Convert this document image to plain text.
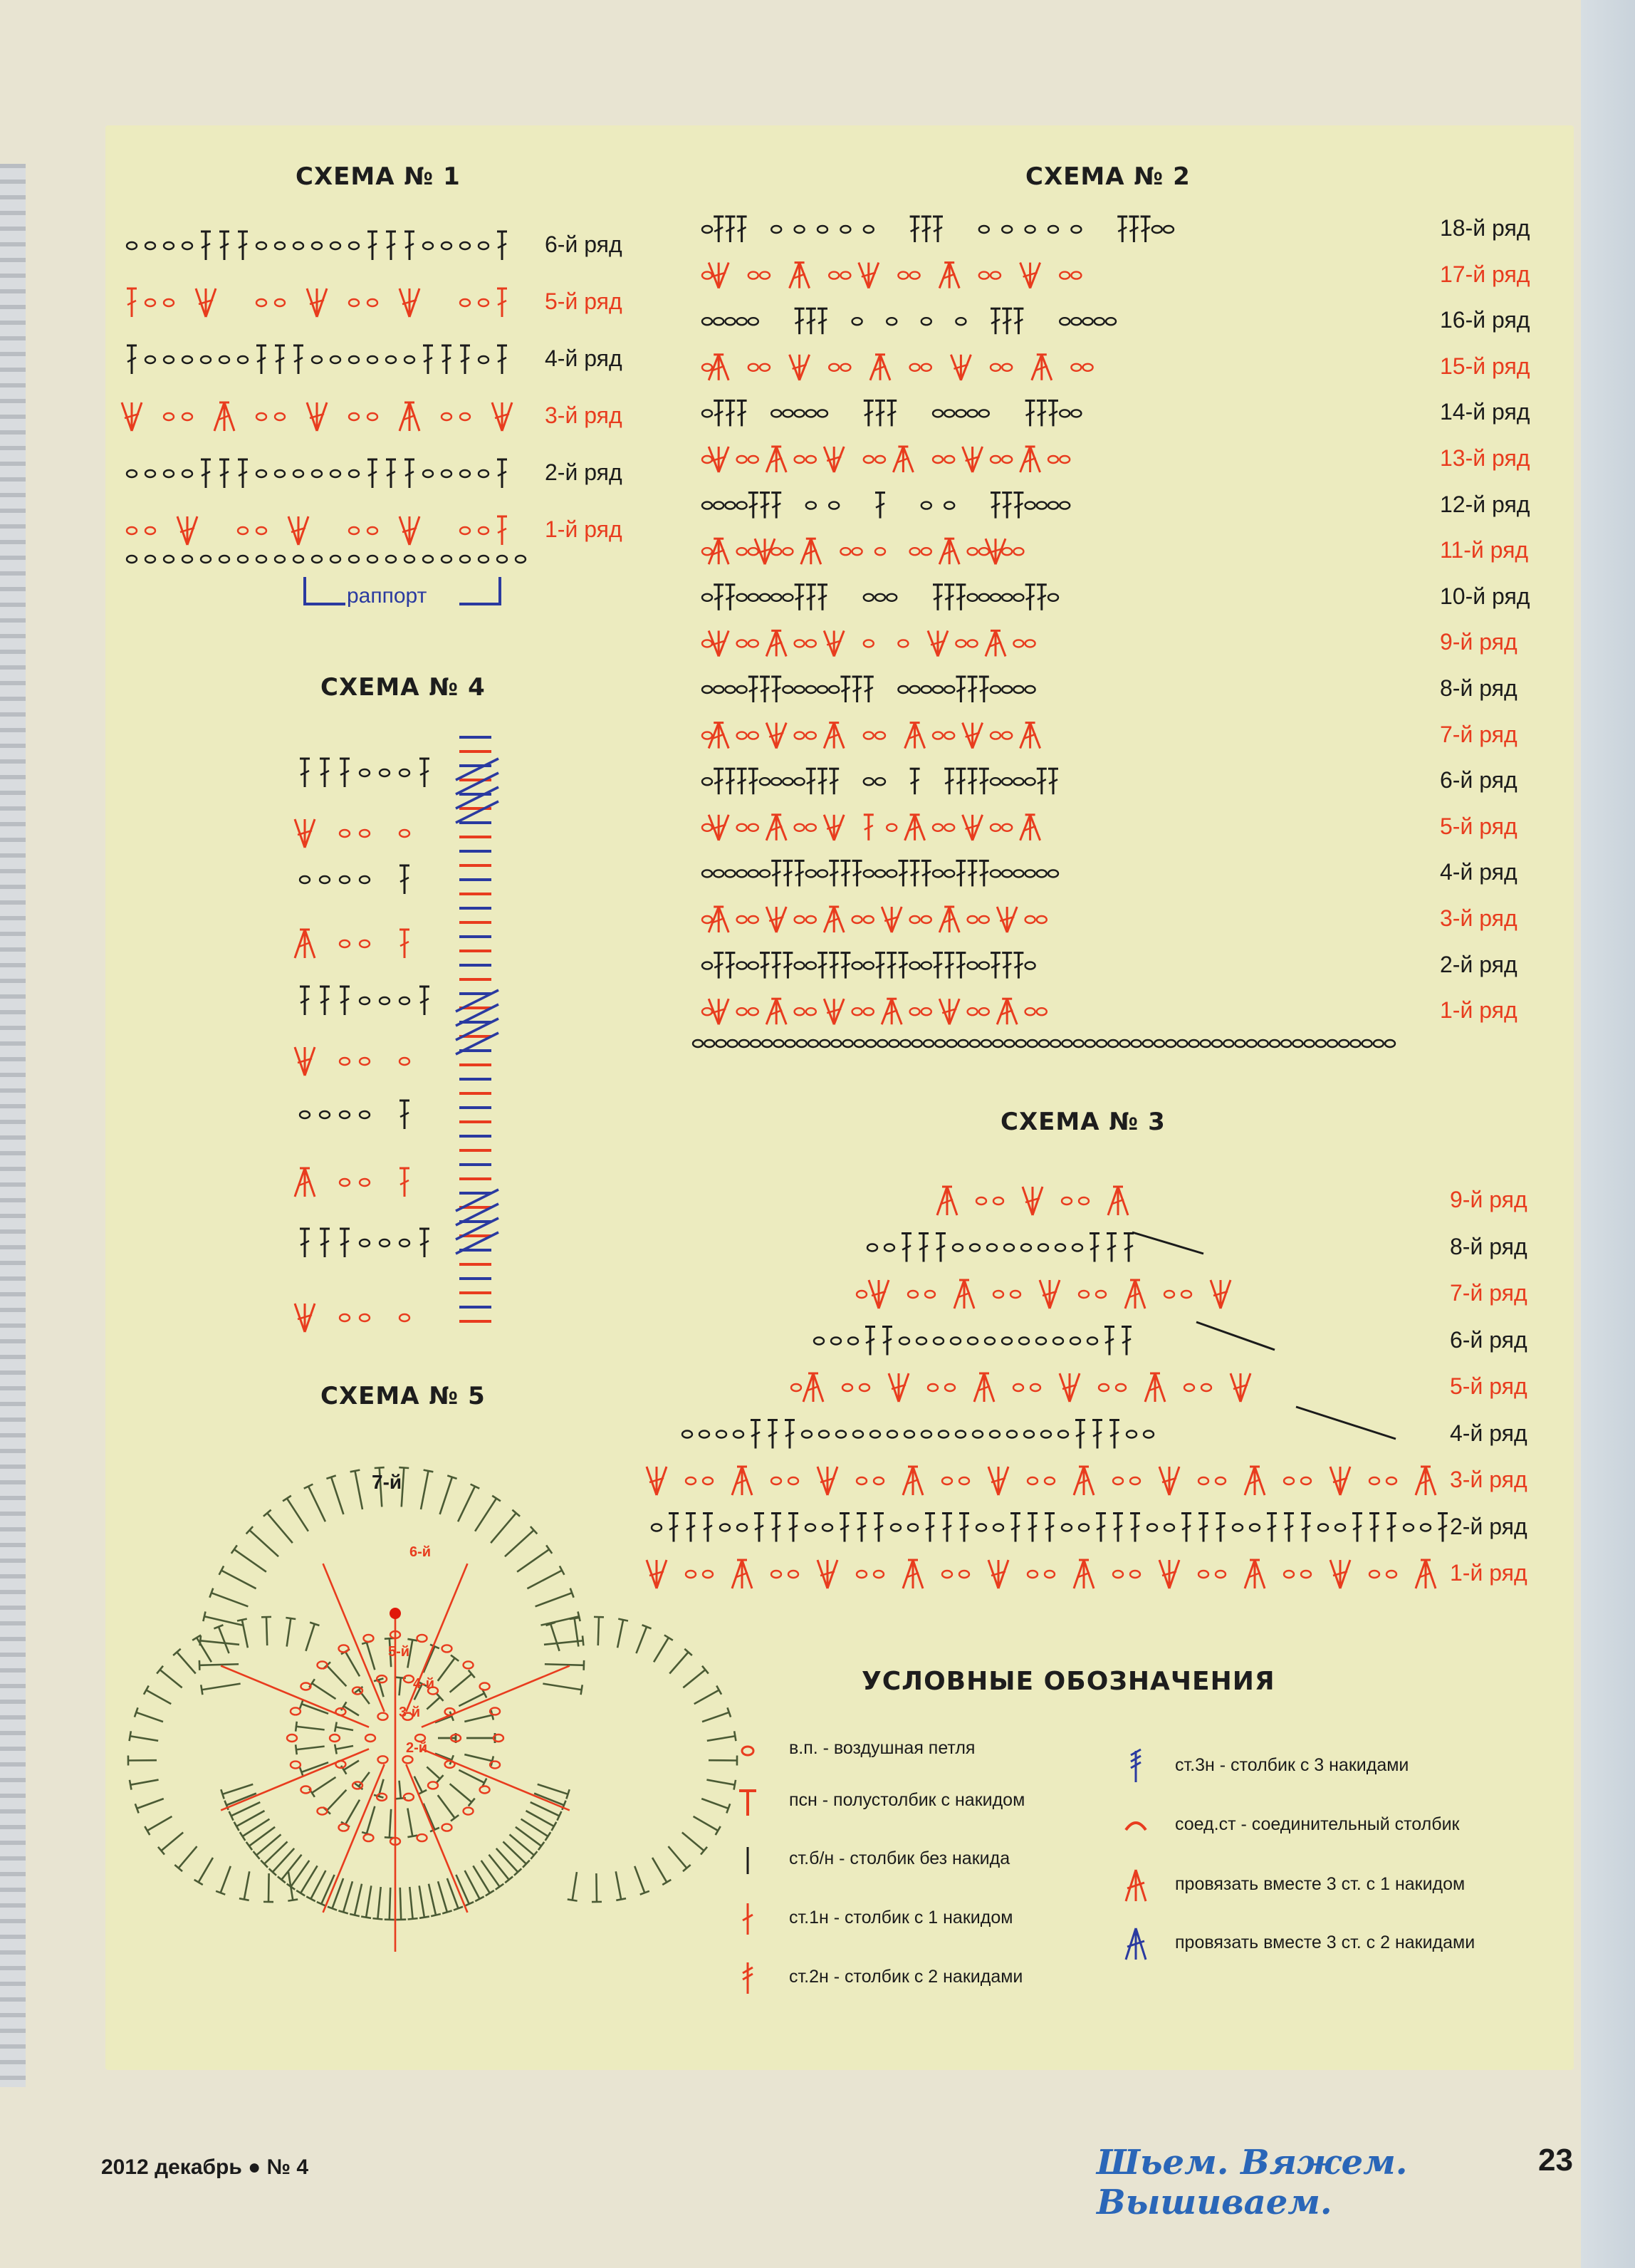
СХЕМА № 1	СХЕМА № 2
СХЕМА № 4
СХЕМА № 3
СХЕМА № 5
УСЛОВНЫЕ ОБОЗНАЧЕНИЯ
6-й ряд
5-й ряд
4-й ряд
3-й ряд
2-й ряд
1-й ряд
18-й ряд
17-й ряд
16-й ряд
15-й ряд
14-й ряд
13-й ряд
12-й ряд
11-й ряд
10-й ряд
9-й ряд
8-й ряд
7-й ряд
6-й ряд
5-й ряд
4-й ряд
3-й ряд
2-й ряд
1-й ряд
9-й ряд
8-й ряд
7-й ряд
6-й ряд
5-й ряд
4-й ряд
3-й ряд
2-й ряд
1-й ряд
раппорт
7-й
6-й
5-й
4-й
3-й
2-й	в.п. - воздушная петля
псн - полустолбик с накидом
ст.б/н - столбик без накида
ст.1н - столбик с 1 накидом
ст.2н - столбик с 2 накидами
ст.3н - столбик с 3 накидами
соед.ст - соединительный столбик
провязать вместе 3 ст. с 1 накидом
провязать вместе 3 ст. с 2 накидами
2012 декабрь ● № 4	Шьем. Вяжем. Вышиваем.
23
